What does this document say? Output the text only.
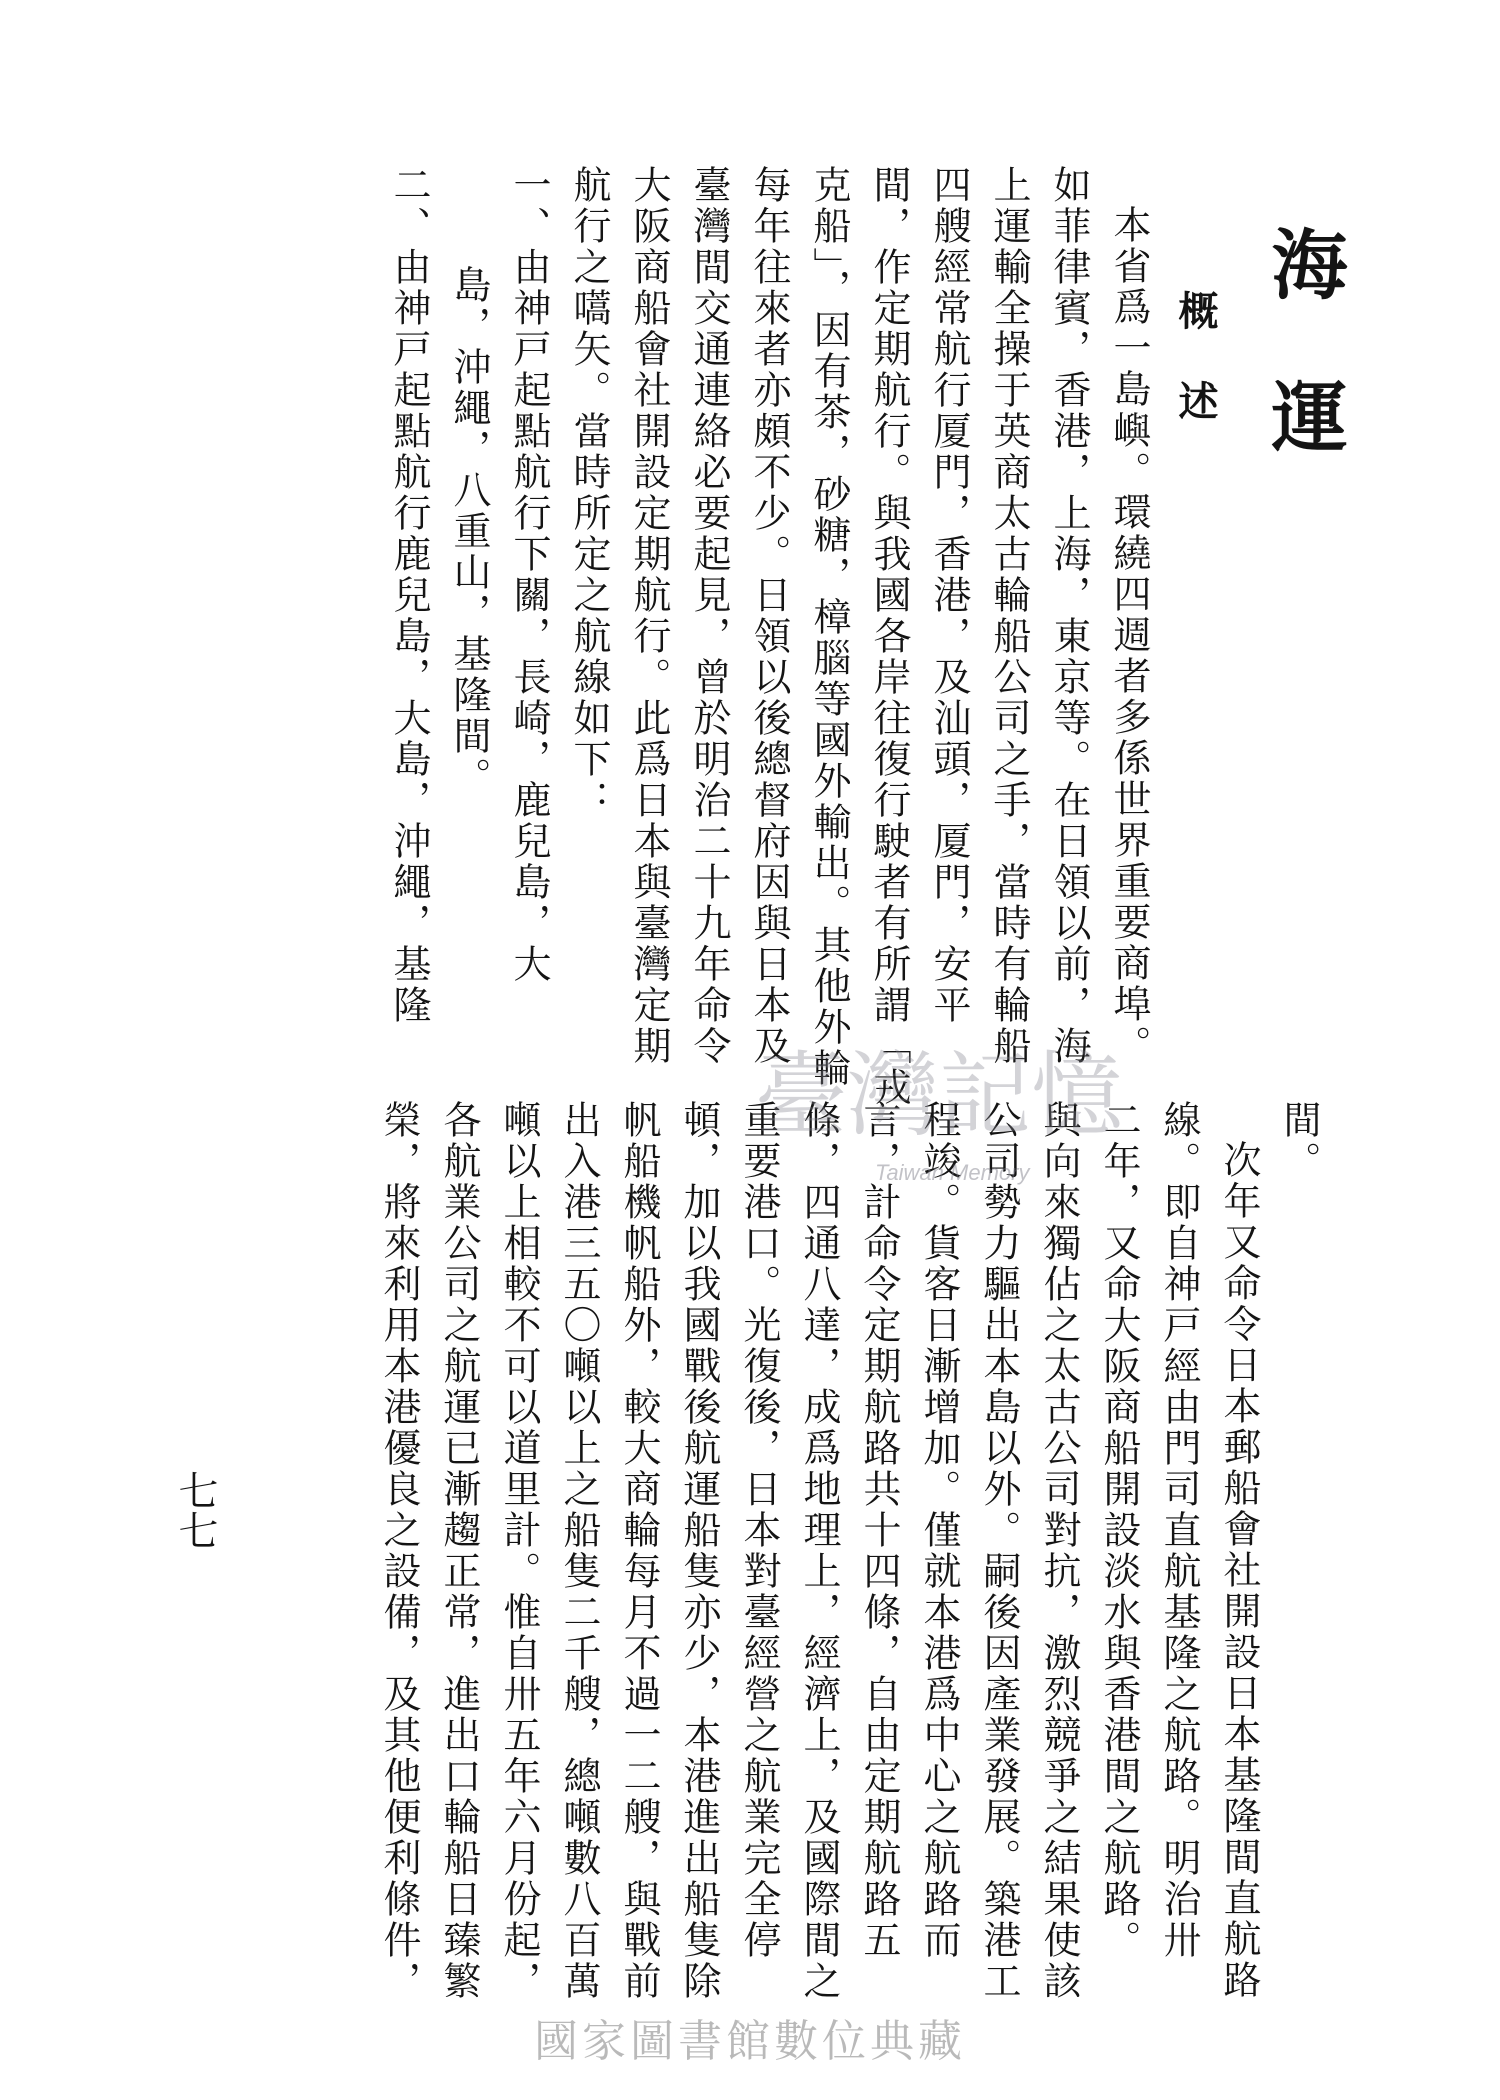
海　運
概述
本省爲一島嶼。環繞四週者多係世界重要商埠。
如菲律賓，香港，上海，東京等。在日領以前，海
上運輸全操于英商太古輪船公司之手，當時有輪船
四艘經常航行厦門，香港，及汕頭，厦門，安平
間，作定期航行。與我國各岸往復行駛者有所謂「戎
克船」，因有茶，砂糖，樟腦等國外輸出。其他外輪
每年往來者亦頗不少。日領以後總督府因與日本及
臺灣間交通連絡必要起見，曾於明治二十九年命令
大阪商船會社開設定期航行。此爲日本與臺灣定期
航行之嚆矢。當時所定之航線如下：
一、由神戸起點航行下關，長崎，鹿兒島，大
島，沖繩，八重山，基隆間。
二、由神戸起點航行鹿兒島，大島，沖繩，基隆
間。
次年又命令日本郵船會社開設日本基隆間直航路
線。即自神戸經由門司直航基隆之航路。明治卅
二年，又命大阪商船開設淡水與香港間之航路。
與向來獨佔之太古公司對抗，激烈競爭之結果使該
公司勢力驅出本島以外。嗣後因產業發展。築港工
程竣。貨客日漸增加。僅就本港爲中心之航路而
言，計命令定期航路共十四條，自由定期航路五
條，四通八達，成爲地理上，經濟上，及國際間之
重要港口。光復後，日本對臺經營之航業完全停
頓，加以我國戰後航運船隻亦少，本港進出船隻除
帆船機帆船外，較大商輪每月不過一二艘，與戰前
出入港三五〇噸以上之船隻二千艘，總噸數八百萬
噸以上相較不可以道里計。惟自卅五年六月份起，
各航業公司之航運已漸趨正常，進出口輪船日臻繁
榮，將來利用本港優良之設備，及其他便利條件，
七七
臺灣記憶
Taiwan Memory
國家圖書館數位典藏
